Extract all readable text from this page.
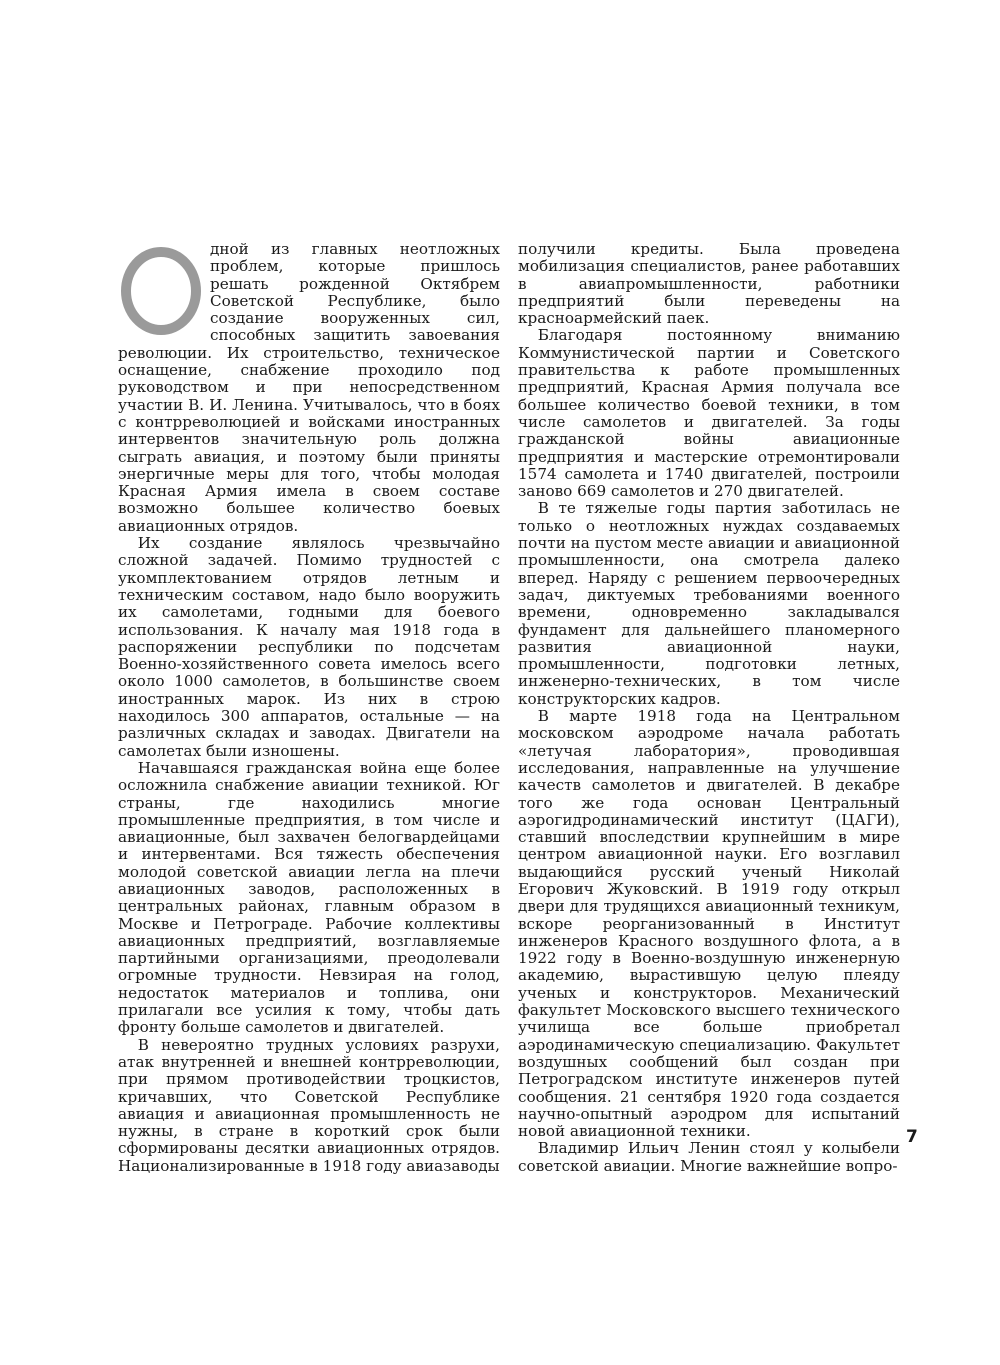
дной из главных неотложных проблем, которые пришлось решать рожденной Октябрем Советской Республике, было создание вооруженных сил, способных защитить завоевания революции. Их строительство, техническое оснащение, снабжение проходило под руководством и при непосредственном участии В. И. Ленина. Учитывалось, что в боях с контрреволюцией и войсками иностранных интервентов значительную роль должна сыграть авиация, и поэтому были приняты энергичные меры для того, чтобы молодая Красная Армия имела в своем составе возможно большее количество боевых авиационных отрядов.

Их создание являлось чрезвычайно сложной задачей. Помимо трудностей с укомплектованием отрядов летным и техническим составом, надо было вооружить их самолетами, годными для боевого использования. К началу мая 1918 года в распоряжении республики по подсчетам Военно-хозяйственного совета имелось всего около 1000 самолетов, в большинстве своем иностранных марок. Из них в строю находилось 300 аппаратов, остальные — на различных складах и заводах. Двигатели на самолетах были изношены.

Начавшаяся гражданская война еще более осложнила снабжение авиации техникой. Юг страны, где находились многие промышленные предприятия, в том числе и авиационные, был захвачен белогвардейцами и интервентами. Вся тяжесть обеспечения молодой советской авиации легла на плечи авиационных заводов, расположенных в центральных районах, главным образом в Москве и Петрограде. Рабочие коллективы авиационных предприятий, возглавляемые партийными организациями, преодолевали огромные трудности. Невзирая на голод, недостаток материалов и топлива, они прилагали все усилия к тому, чтобы дать фронту больше самолетов и двигателей.

В невероятно трудных условиях разрухи, атак внутренней и внешней контрреволюции, при прямом противодействии троцкистов, кричавших, что Советской Республике авиация и авиационная промышленность не нужны, в стране в короткий срок были сформированы десятки авиационных отрядов. Национализированные в 1918 году авиазаводы

получили кредиты. Была проведена мобилизация специалистов, ранее работавших в авиапромышленности, работники предприятий были переведены на красноармейский паек.

Благодаря постоянному вниманию Коммунистической партии и Советского правительства к работе промышленных предприятий, Красная Армия получала все большее количество боевой техники, в том числе самолетов и двигателей. За годы гражданской войны авиационные предприятия и мастерские отремонтировали 1574 самолета и 1740 двигателей, построили заново 669 самолетов и 270 двигателей.

В те тяжелые годы партия заботилась не только о неотложных нуждах создаваемых почти на пустом месте авиации и авиационной промышленности, она смотрела далеко вперед. Наряду с решением первоочередных задач, диктуемых требованиями военного времени, одновременно закладывался фундамент для дальнейшего планомерного развития авиационной науки, промышленности, подготовки летных, инженерно-технических, в том числе конструкторских кадров.

В марте 1918 года на Центральном московском аэродроме начала работать «летучая лаборатория», проводившая исследования, направленные на улучшение качеств самолетов и двигателей. В декабре того же года основан Центральный аэрогидродинамический институт (ЦАГИ), ставший впоследствии крупнейшим в мире центром авиационной науки. Его возглавил выдающийся русский ученый Николай Егорович Жуковский. В 1919 году открыл двери для трудящихся авиационный техникум, вскоре реорганизованный в Институт инженеров Красного воздушного флота, а в 1922 году в Военно-воздушную инженерную академию, вырастившую целую плеяду ученых и конструкторов. Механический факультет Московского высшего технического училища все больше приобретал аэродинамическую специализацию. Факультет воздушных сообщений был создан при Петроградском институте инженеров путей сообщения. 21 сентября 1920 года создается научно-опытный аэродром для испытаний новой авиационной техники.

Владимир Ильич Ленин стоял у колыбели советской авиации. Многие важнейшие вопро-

7
